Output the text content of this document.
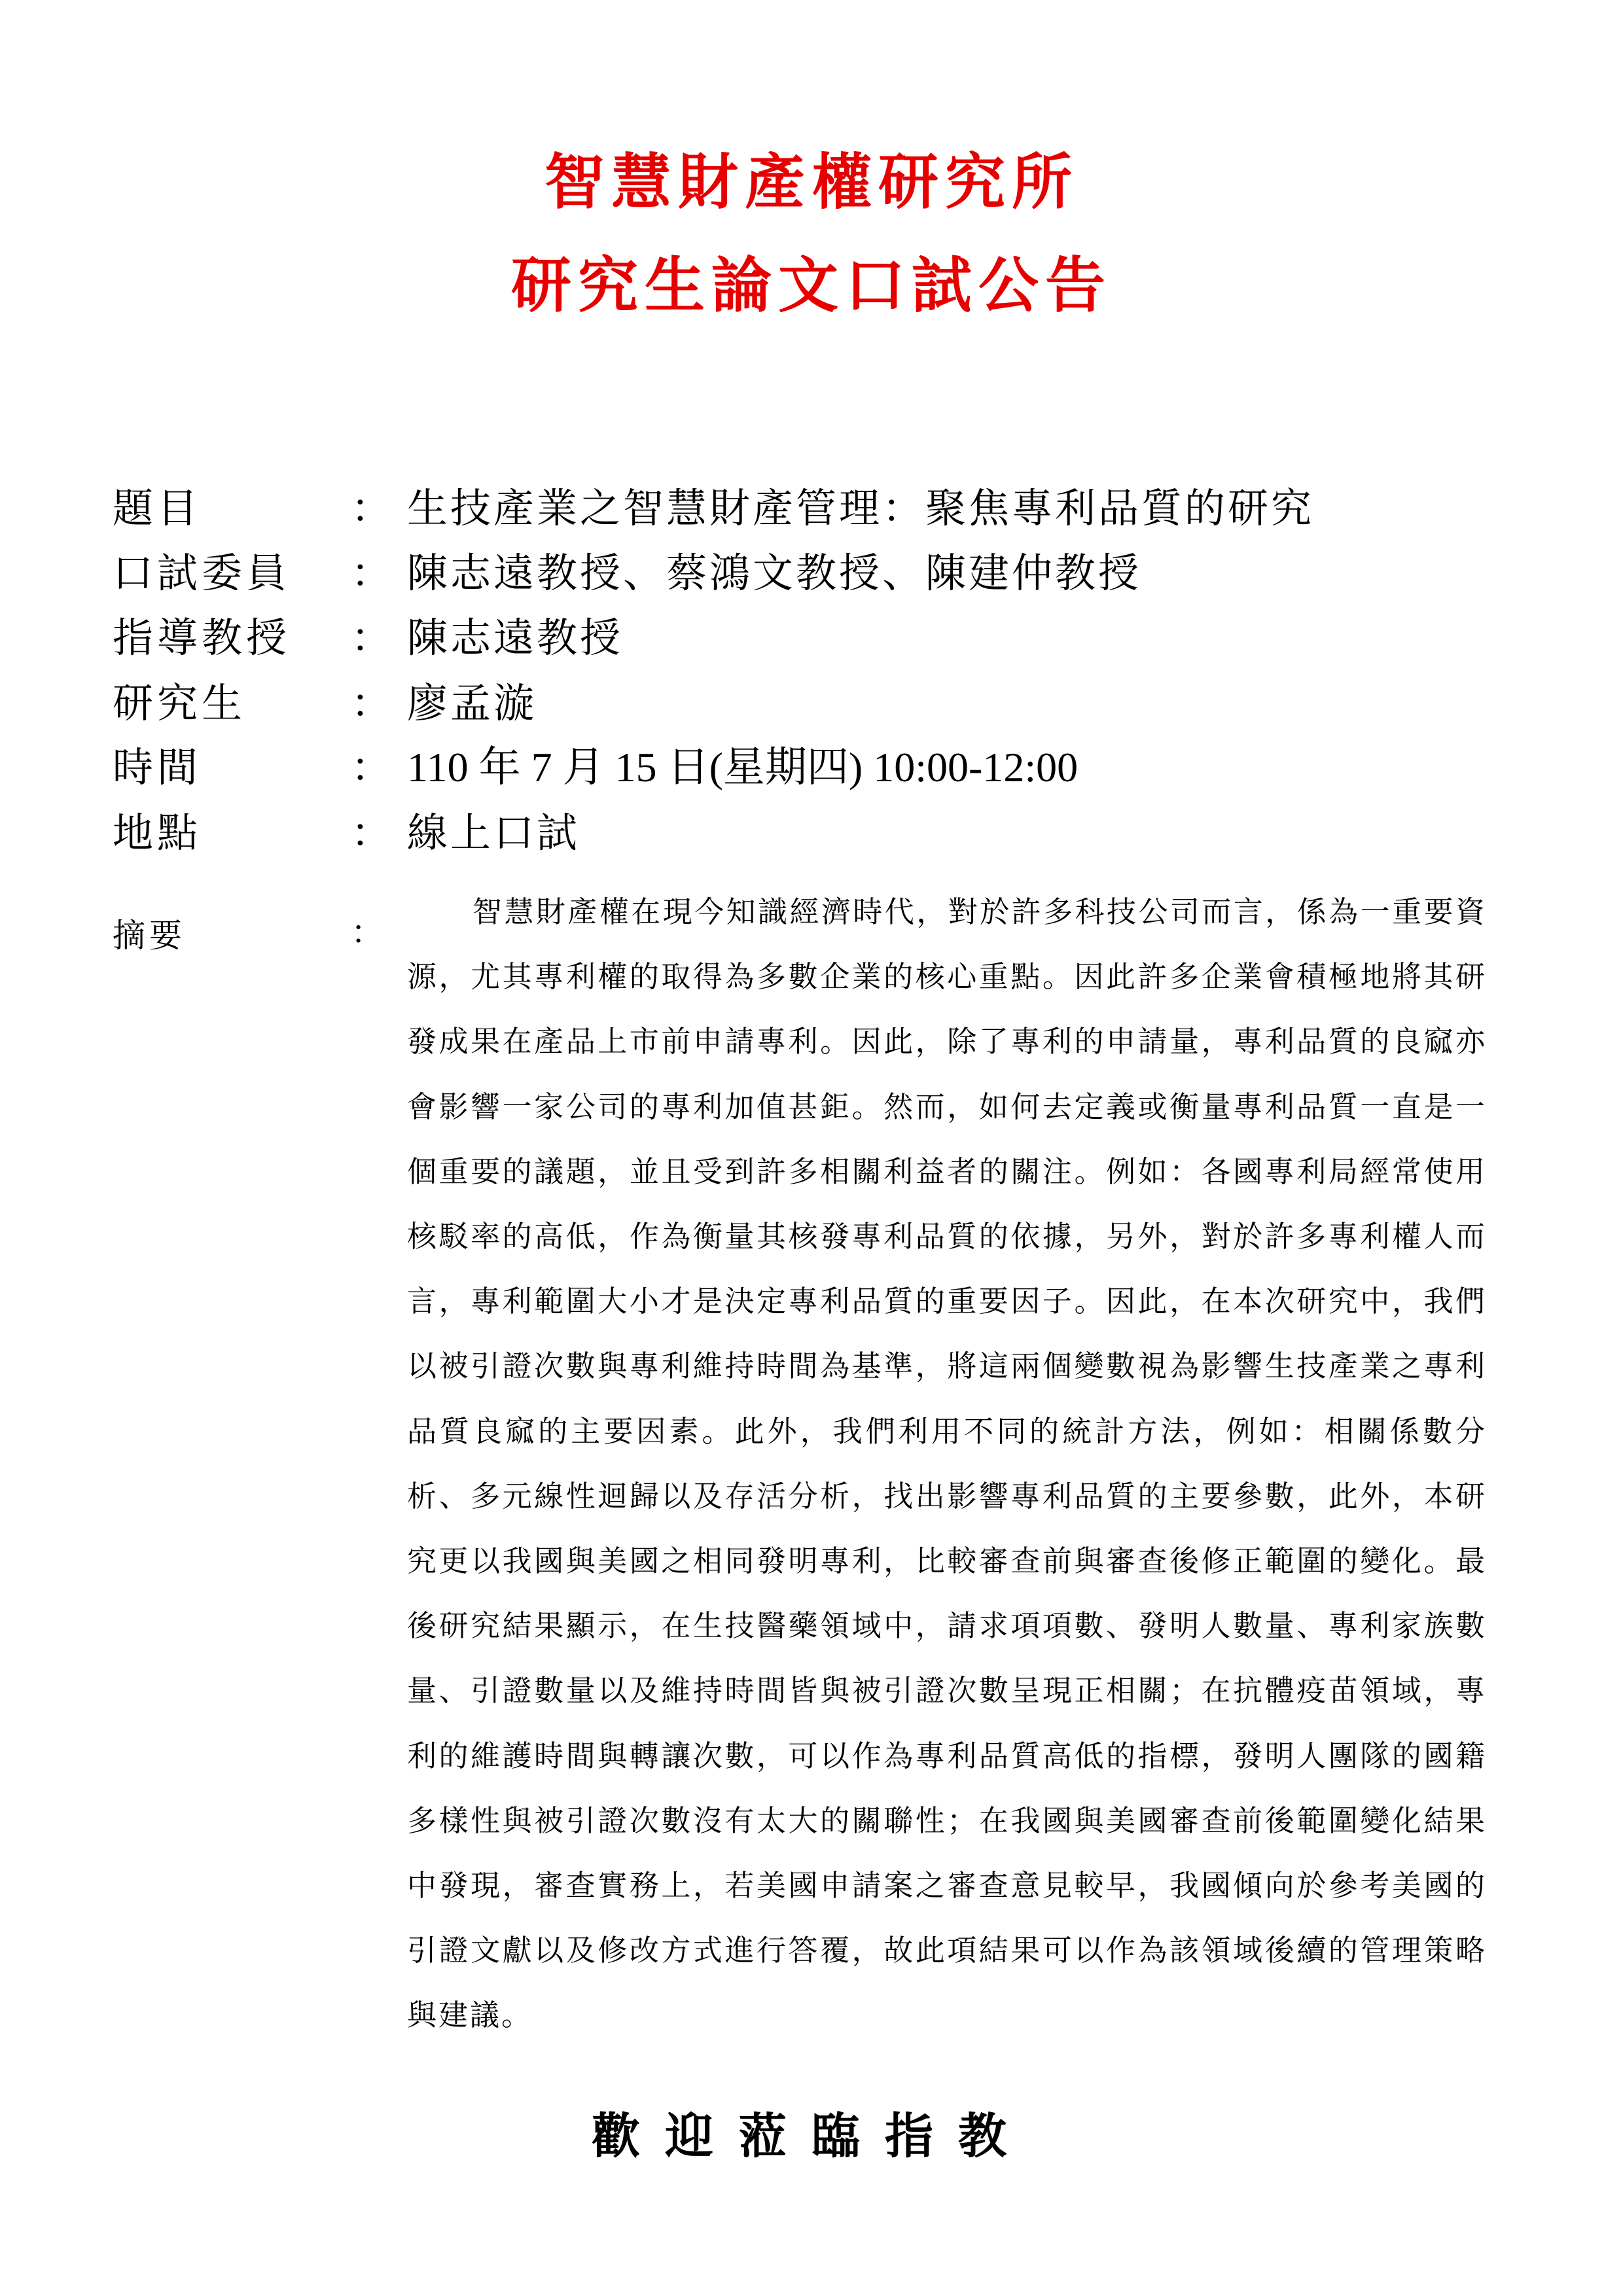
智慧財產權研究所
研究生論文口試公告
題目	： 生技產業之智慧財產管理：聚焦專利品質的研究
口試委員 ： 陳志遠教授、蔡鴻文教授、陳建仲教授
指導教授 ： 陳志遠教授
研究生	： 廖孟漩
時間	： 110 年 7 月 15 日(星期四) 10:00-12:00
地點	： 線上口試
摘要	：

智慧財產權在現今知識經濟時代，對於許多科技公司而言，係為一重要資源，尤其專利權的取得為多數企業的核心重點。因此許多企業會積極地將其研發成果在產品上市前申請專利。因此，除了專利的申請量，專利品質的良窳亦會影響一家公司的專利加值甚鉅。然而，如何去定義或衡量專利品質一直是一個重要的議題，並且受到許多相關利益者的關注。例如：各國專利局經常使用核駁率的高低，作為衡量其核發專利品質的依據，另外，對於許多專利權人而言，專利範圍大小才是決定專利品質的重要因子。因此，在本次研究中，我們以被引證次數與專利維持時間為基準，將這兩個變數視為影響生技產業之專利品質良窳的主要因素。此外，我們利用不同的統計方法，例如：相關係數分析、多元線性迴歸以及存活分析，找出影響專利品質的主要參數，此外，本研究更以我國與美國之相同發明專利，比較審查前與審查後修正範圍的變化。最後研究結果顯示，在生技醫藥領域中，請求項項數、發明人數量、專利家族數量、引證數量以及維持時間皆與被引證次數呈現正相關；在抗體疫苗領域，專利的維護時間與轉讓次數，可以作為專利品質高低的指標，發明人團隊的國籍多樣性與被引證次數沒有太大的關聯性；在我國與美國審查前後範圍變化結果中發現，審查實務上，若美國申請案之審查意見較早，我國傾向於參考美國的引證文獻以及修改方式進行答覆，故此項結果可以作為該領域後續的管理策略與建議。

歡迎蒞臨指教
